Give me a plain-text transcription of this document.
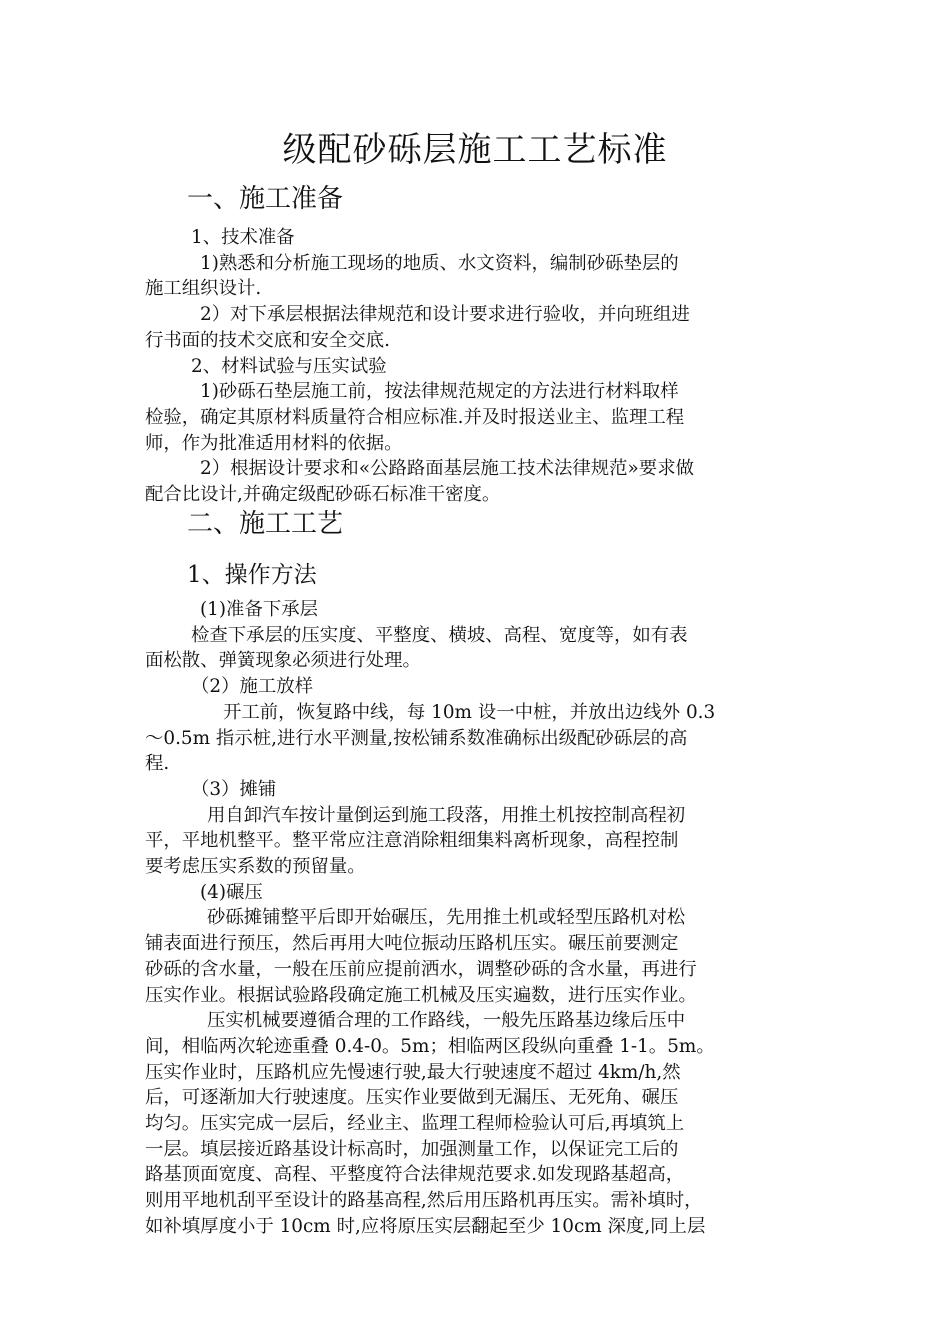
级配砂砾层施工工艺标准
一、施工准备
1、技术准备
1)熟悉和分析施工现场的地质、水文资料，编制砂砾垫层的
施工组织设计.
2）对下承层根据法律规范和设计要求进行验收，并向班组进
行书面的技术交底和安全交底.
2、材料试验与压实试验
1)砂砾石垫层施工前，按法律规范规定的方法进行材料取样
检验，确定其原材料质量符合相应标准.并及时报送业主、监理工程
师，作为批准适用材料的依据。
2）根据设计要求和«公路路面基层施工技术法律规范»要求做
配合比设计,并确定级配砂砾石标准干密度。
二、施工工艺
1、操作方法
(1)准备下承层
检查下承层的压实度、平整度、横坡、高程、宽度等，如有表
面松散、弹簧现象必须进行处理。
（2）施工放样
开工前，恢复路中线，每 10m 设一中桩，并放出边线外 0.3
～0.5m 指示桩,进行水平测量,按松铺系数准确标出级配砂砾层的高
程.
（3）摊铺
用自卸汽车按计量倒运到施工段落，用推土机按控制高程初
平，平地机整平。整平常应注意消除粗细集料离析现象，高程控制
要考虑压实系数的预留量。
(4)碾压
砂砾摊铺整平后即开始碾压，先用推土机或轻型压路机对松
铺表面进行预压，然后再用大吨位振动压路机压实。碾压前要测定
砂砾的含水量，一般在压前应提前洒水，调整砂砾的含水量，再进行
压实作业。根据试验路段确定施工机械及压实遍数，进行压实作业。
压实机械要遵循合理的工作路线，一般先压路基边缘后压中
间，相临两次轮迹重叠 0.4-0。5m；相临两区段纵向重叠 1-1。5m。
压实作业时，压路机应先慢速行驶,最大行驶速度不超过 4km/h,然
后，可逐渐加大行驶速度。压实作业要做到无漏压、无死角、碾压
均匀。压实完成一层后，经业主、监理工程师检验认可后,再填筑上
一层。填层接近路基设计标高时，加强测量工作，以保证完工后的
路基顶面宽度、高程、平整度符合法律规范要求.如发现路基超高，
则用平地机刮平至设计的路基高程,然后用压路机再压实。需补填时，
如补填厚度小于 10cm 时,应将原压实层翻起至少 10cm 深度,同上层
